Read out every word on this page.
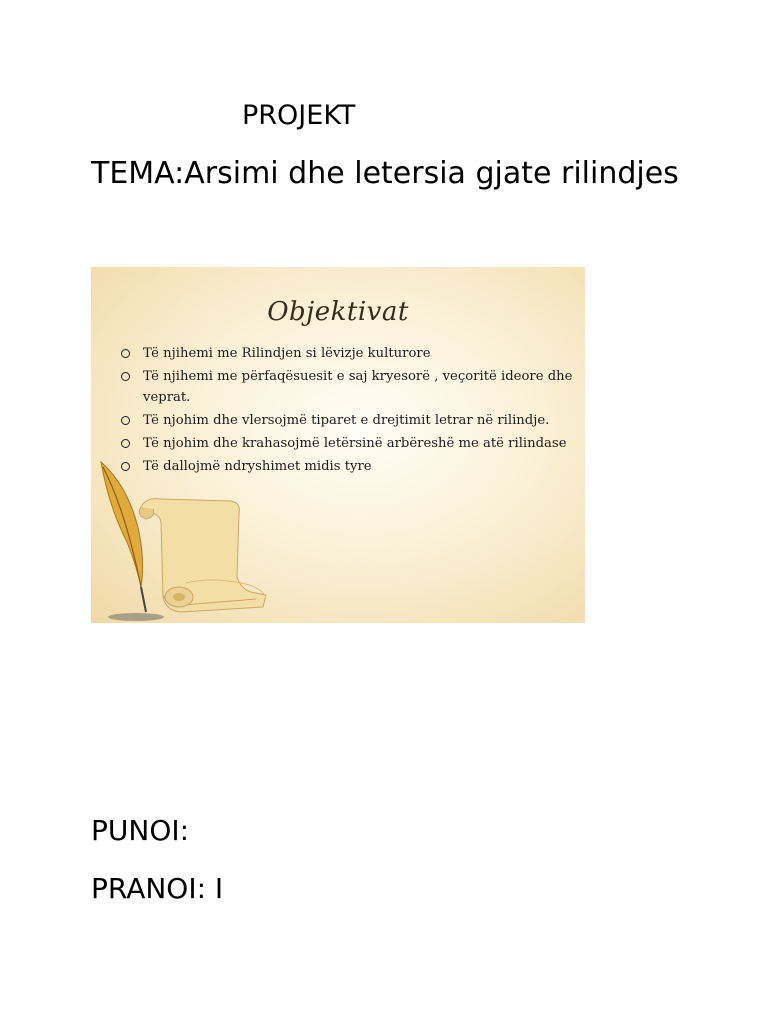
PROJEKT
TEMA:Arsimi dhe letersia gjate rilindjes
Objektivat
Të njihemi me Rilindjen si lëvizje kulturore
Të njihemi me përfaqësuesit e saj kryesorë , veçoritë ideore dhe veprat.
Të njohim dhe vlersojmë tiparet e drejtimit letrar në rilindje.
Të njohim dhe krahasojmë letërsinë arbëreshë me atë rilindase
Të dallojmë ndryshimet midis tyre
PUNOI:
PRANOI: I
